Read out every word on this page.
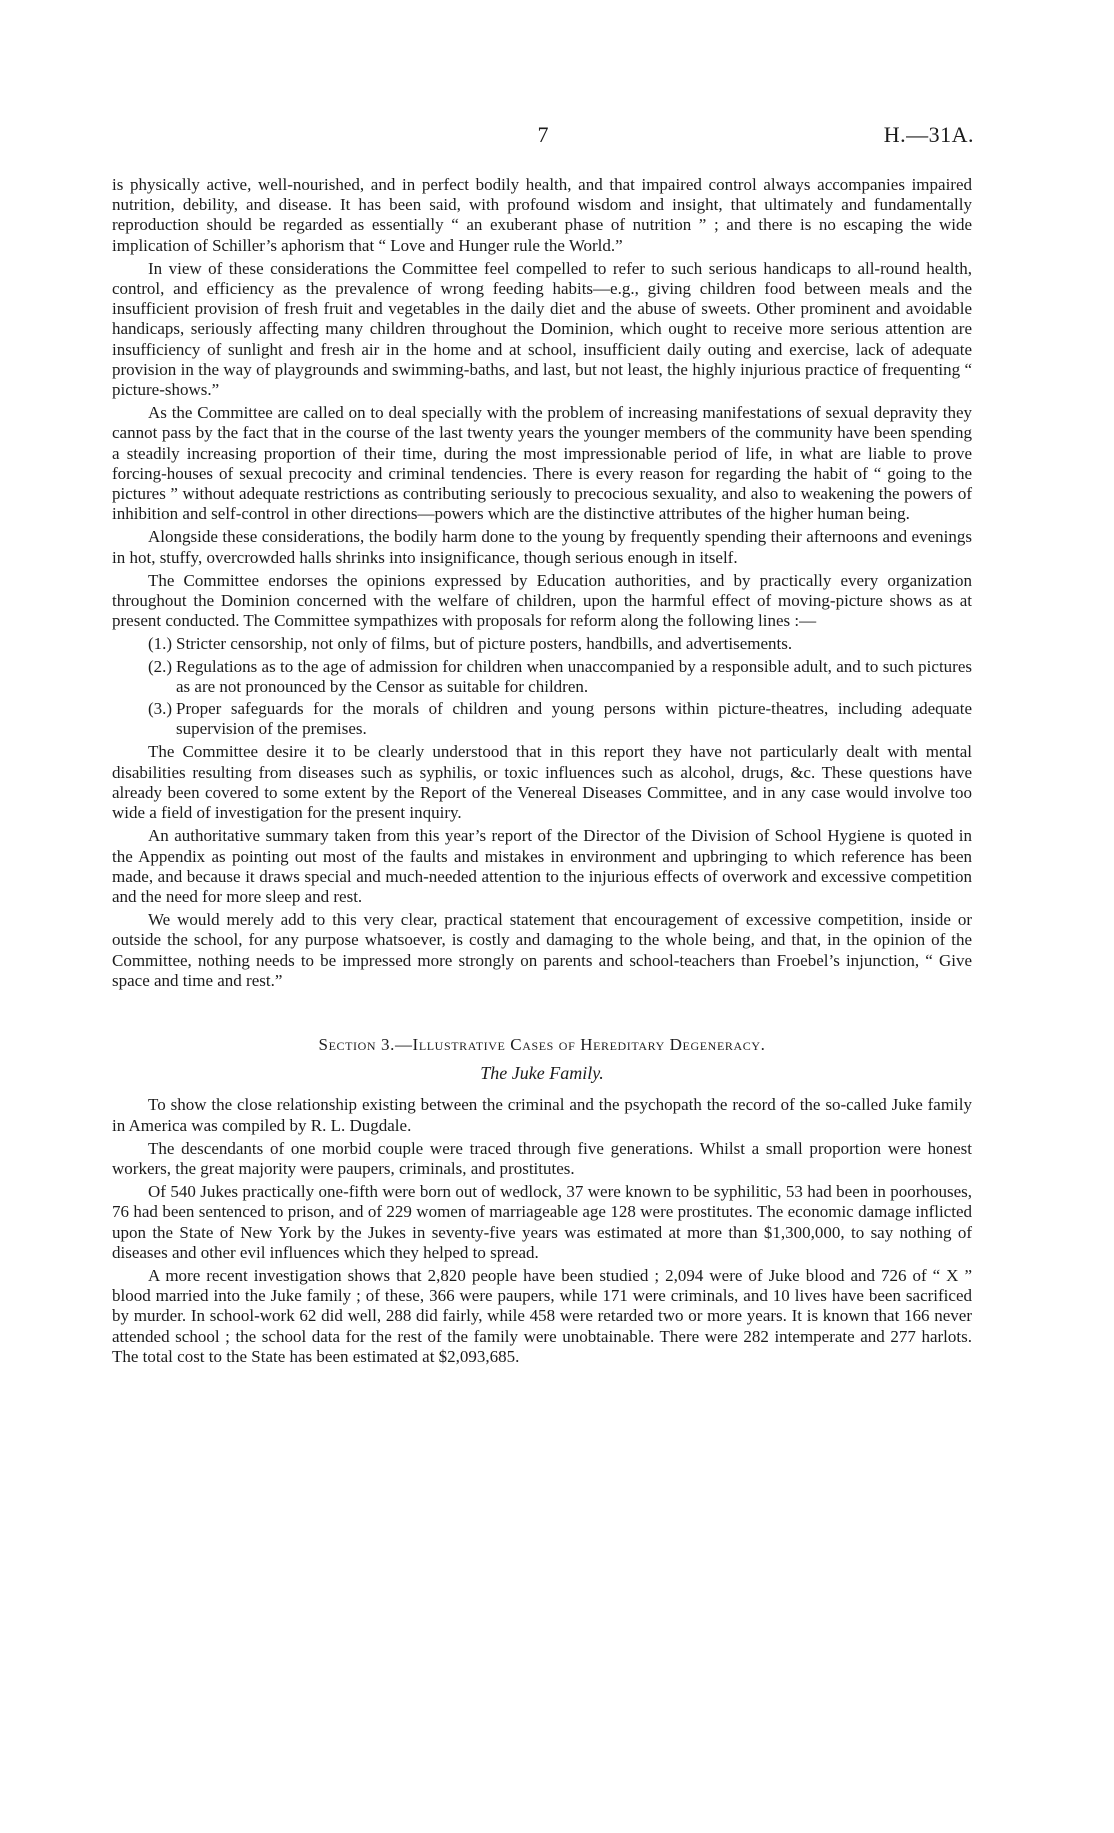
7	H.—31A.

is physically active, well-nourished, and in perfect bodily health, and that impaired control always accompanies impaired nutrition, debility, and disease. It has been said, with profound wisdom and insight, that ultimately and fundamentally reproduction should be regarded as essentially “ an exuberant phase of nutrition ” ; and there is no escaping the wide implication of Schiller’s aphorism that “ Love and Hunger rule the World.”

In view of these considerations the Committee feel compelled to refer to such serious handicaps to all-round health, control, and efficiency as the prevalence of wrong feeding habits—e.g., giving children food between meals and the insufficient provision of fresh fruit and vegetables in the daily diet and the abuse of sweets. Other prominent and avoidable handicaps, seriously affecting many children throughout the Dominion, which ought to receive more serious attention are insufficiency of sunlight and fresh air in the home and at school, insufficient daily outing and exercise, lack of adequate provision in the way of playgrounds and swimming-baths, and last, but not least, the highly injurious practice of frequenting “ picture-shows.”

As the Committee are called on to deal specially with the problem of increasing manifestations of sexual depravity they cannot pass by the fact that in the course of the last twenty years the younger members of the community have been spending a steadily increasing proportion of their time, during the most impressionable period of life, in what are liable to prove forcing-houses of sexual precocity and criminal tendencies. There is every reason for regarding the habit of “ going to the pictures ” without adequate restrictions as contributing seriously to precocious sexuality, and also to weakening the powers of inhibition and self-control in other directions—powers which are the distinctive attributes of the higher human being.

Alongside these considerations, the bodily harm done to the young by frequently spending their afternoons and evenings in hot, stuffy, overcrowded halls shrinks into insignificance, though serious enough in itself.

The Committee endorses the opinions expressed by Education authorities, and by practically every organization throughout the Dominion concerned with the welfare of children, upon the harmful effect of moving-picture shows as at present conducted. The Committee sympathizes with proposals for reform along the following lines :—

(1.) Stricter censorship, not only of films, but of picture posters, handbills, and advertisements.
(2.) Regulations as to the age of admission for children when unaccompanied by a responsible adult, and to such pictures as are not pronounced by the Censor as suitable for children.
(3.) Proper safeguards for the morals of children and young persons within picture-theatres, including adequate supervision of the premises.

The Committee desire it to be clearly understood that in this report they have not particularly dealt with mental disabilities resulting from diseases such as syphilis, or toxic influences such as alcohol, drugs, &c. These questions have already been covered to some extent by the Report of the Venereal Diseases Committee, and in any case would involve too wide a field of investigation for the present inquiry.

An authoritative summary taken from this year’s report of the Director of the Division of School Hygiene is quoted in the Appendix as pointing out most of the faults and mistakes in environment and upbringing to which reference has been made, and because it draws special and much-needed attention to the injurious effects of overwork and excessive competition and the need for more sleep and rest.

We would merely add to this very clear, practical statement that encouragement of excessive competition, inside or outside the school, for any purpose whatsoever, is costly and damaging to the whole being, and that, in the opinion of the Committee, nothing needs to be impressed more strongly on parents and school-teachers than Froebel’s injunction, “ Give space and time and rest.”

Section 3.—Illustrative Cases of Hereditary Degeneracy.
The Juke Family.

To show the close relationship existing between the criminal and the psychopath the record of the so-called Juke family in America was compiled by R. L. Dugdale.

The descendants of one morbid couple were traced through five generations. Whilst a small proportion were honest workers, the great majority were paupers, criminals, and prostitutes.

Of 540 Jukes practically one-fifth were born out of wedlock, 37 were known to be syphilitic, 53 had been in poorhouses, 76 had been sentenced to prison, and of 229 women of marriageable age 128 were prostitutes. The economic damage inflicted upon the State of New York by the Jukes in seventy-five years was estimated at more than $1,300,000, to say nothing of diseases and other evil influences which they helped to spread.

A more recent investigation shows that 2,820 people have been studied ; 2,094 were of Juke blood and 726 of “ X ” blood married into the Juke family ; of these, 366 were paupers, while 171 were criminals, and 10 lives have been sacrificed by murder. In school-work 62 did well, 288 did fairly, while 458 were retarded two or more years. It is known that 166 never attended school ; the school data for the rest of the family were unobtainable. There were 282 intemperate and 277 harlots. The total cost to the State has been estimated at $2,093,685.
